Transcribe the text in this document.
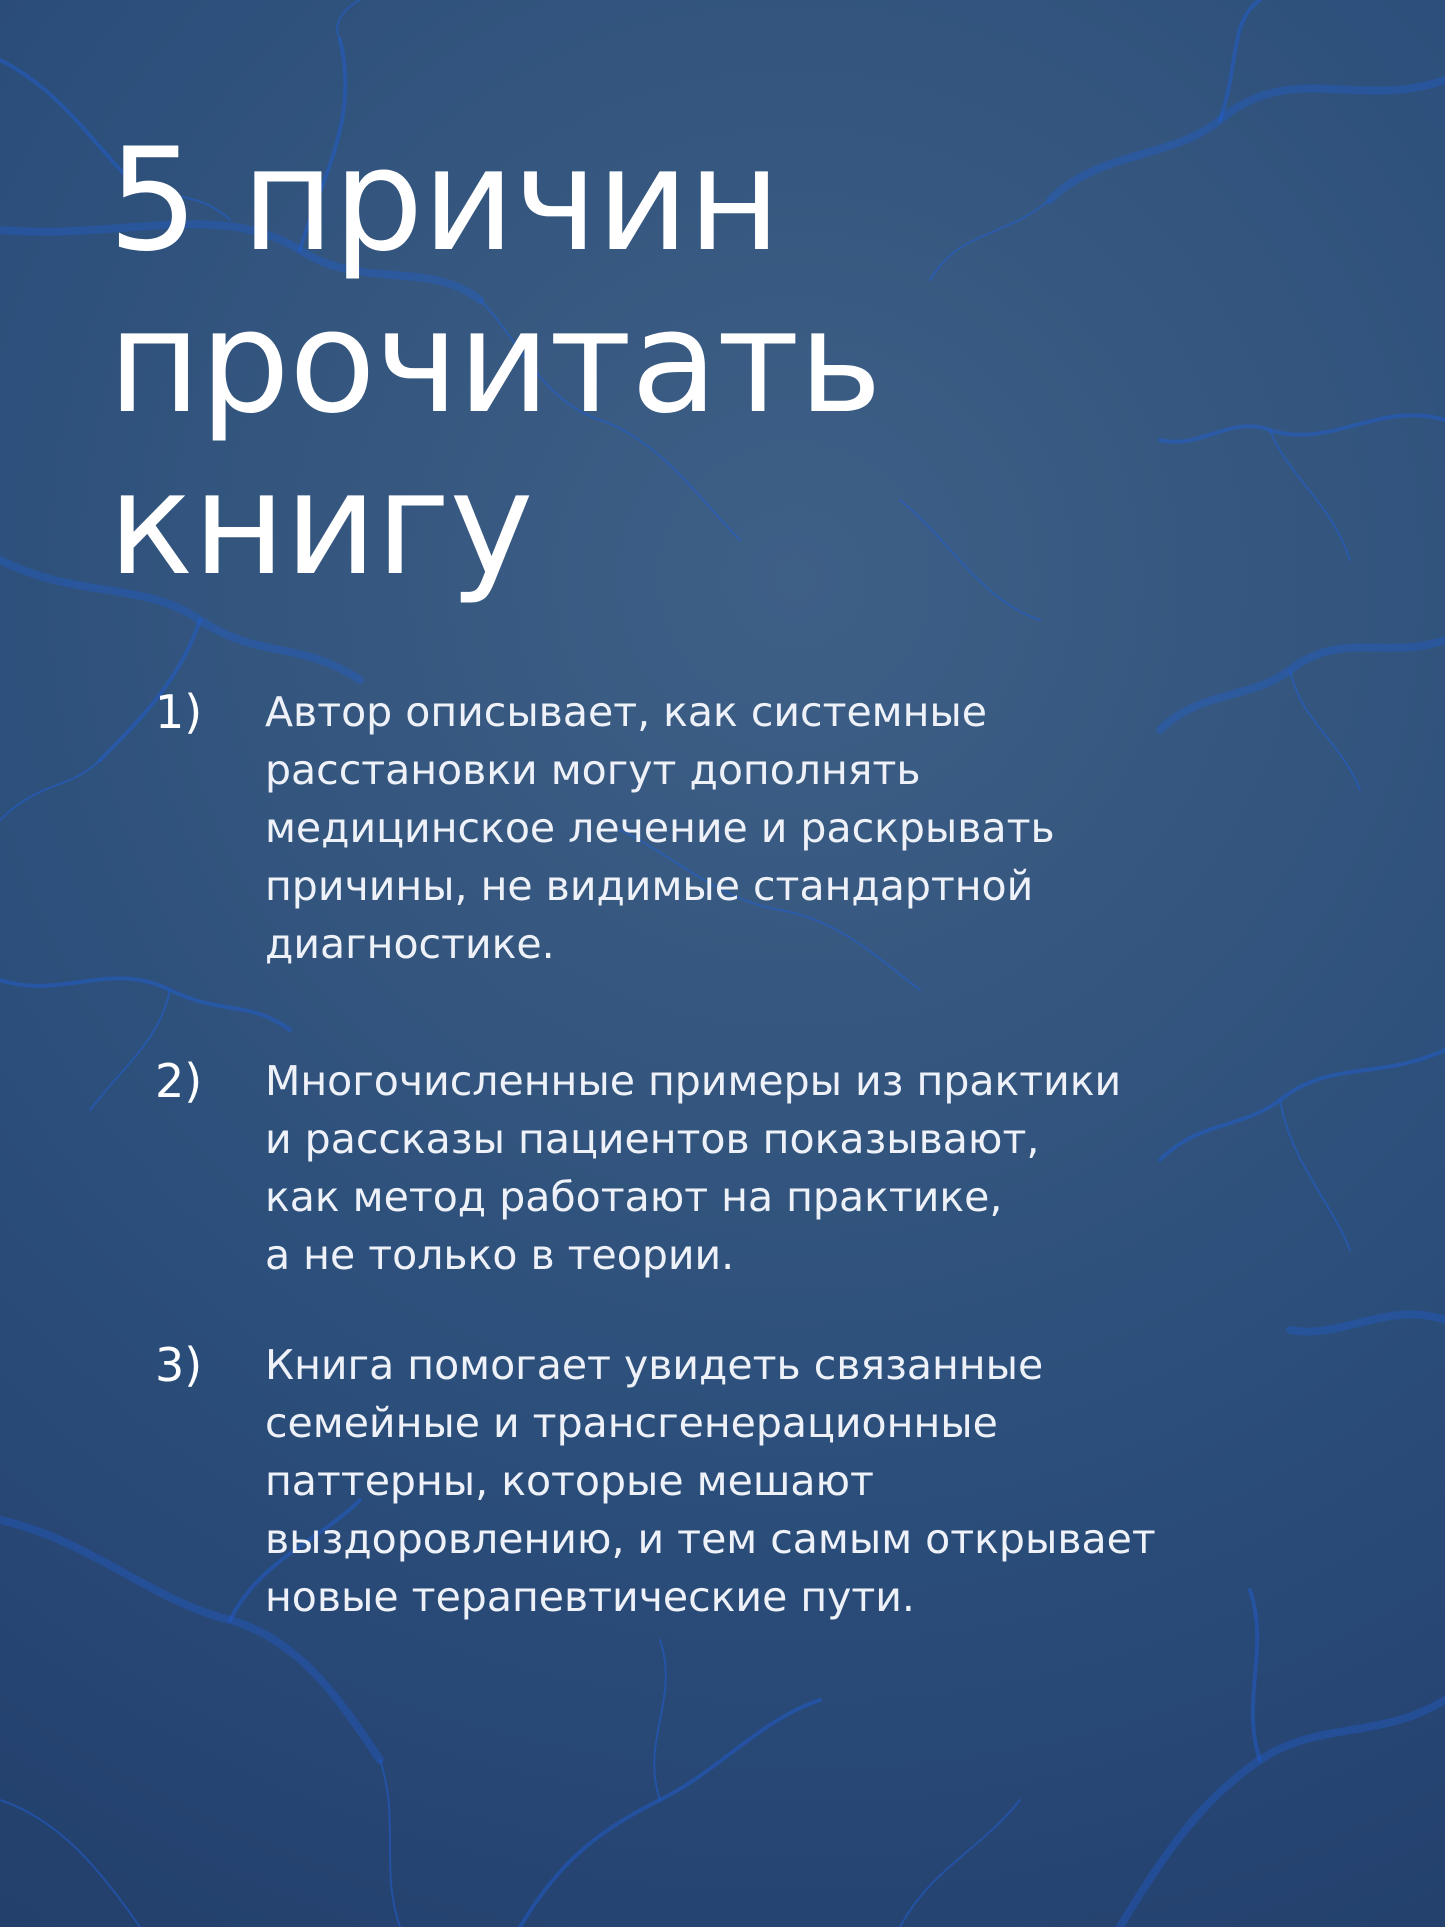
5 причин
прочитать
книгу
1) Автор описывает, как системные
расстановки могут дополнять
медицинское лечение и раскрывать
причины, не видимые стандартной
диагностике.

2) Многочисленные примеры из практики
и рассказы пациентов показывают,
как метод работают на практике,
а не только в теории.

3) Книга помогает увидеть связанные
семейные и трансгенерационные
паттерны, которые мешают
выздоровлению, и тем самым открывает
новые терапевтические пути.
